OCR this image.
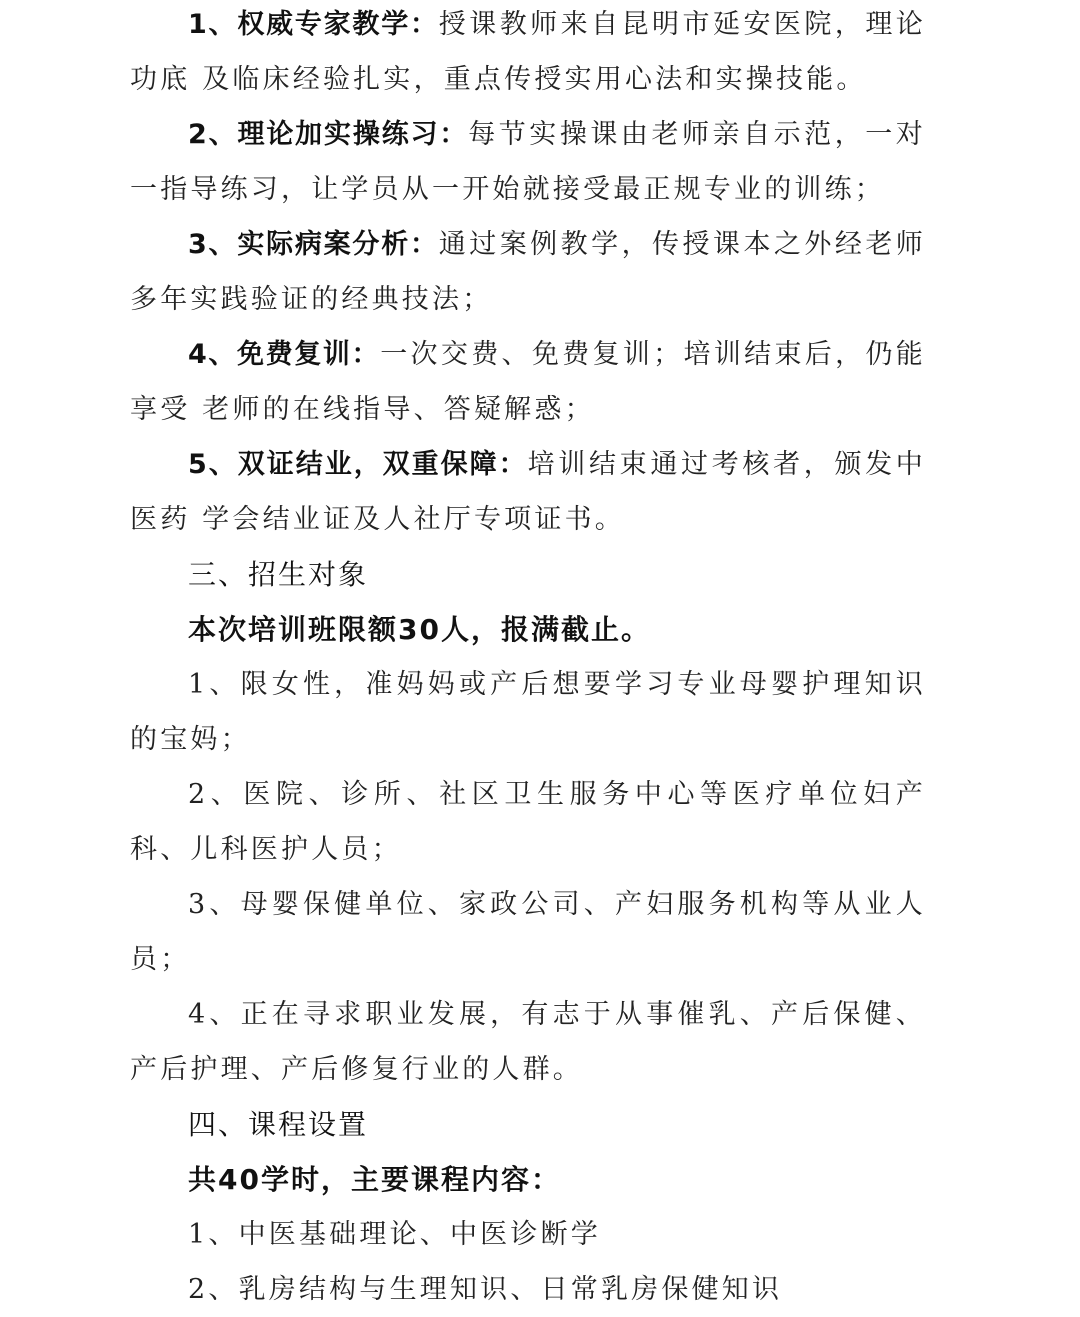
1、权威专家教学：授课教师来自昆明市延安医院，理论功底 及临床经验扎实，重点传授实用心法和实操技能。

2、理论加实操练习：每节实操课由老师亲自示范，一对一指导练习，让学员从一开始就接受最正规专业的训练；

3、实际病案分析：通过案例教学，传授课本之外经老师多年实践验证的经典技法；

4、免费复训：一次交费、免费复训；培训结束后，仍能享受 老师的在线指导、答疑解惑；

5、双证结业，双重保障：培训结束通过考核者，颁发中医药 学会结业证及人社厅专项证书。

三、招生对象

本次培训班限额30人，报满截止。

1、限女性，准妈妈或产后想要学习专业母婴护理知识的宝妈；

2、医院、诊所、社区卫生服务中心等医疗单位妇产科、儿科医护人员；

3、母婴保健单位、家政公司、产妇服务机构等从业人员；

4、正在寻求职业发展，有志于从事催乳、产后保健、产后护理、产后修复行业的人群。

四、课程设置

共40学时，主要课程内容：

1、中医基础理论、中医诊断学

2、乳房结构与生理知识、日常乳房保健知识
